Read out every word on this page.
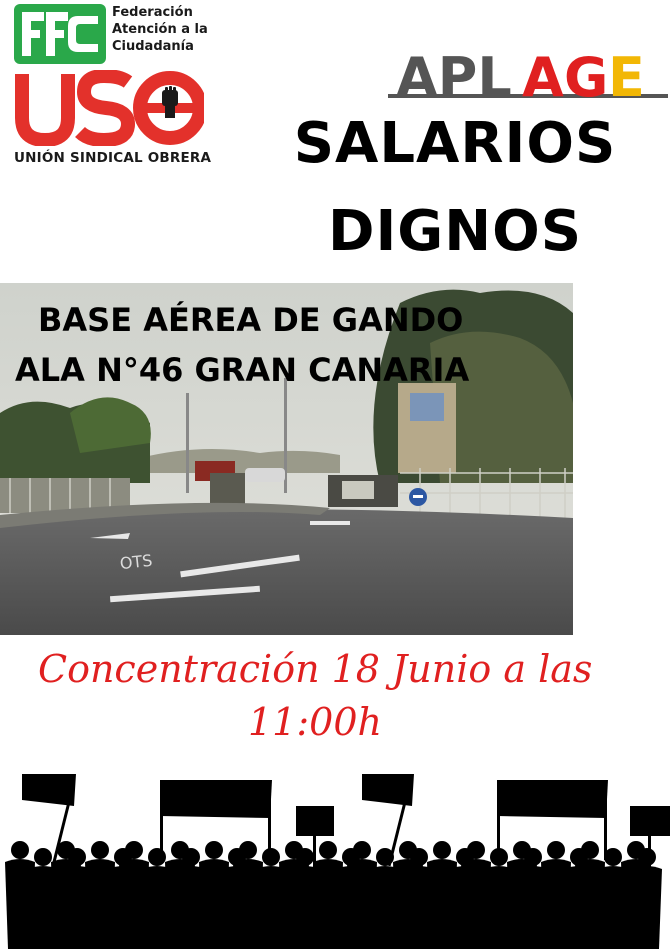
Federación
Atención a la
Ciudadanía
UNIÓN SINDICAL OBRERA
APL A G E
SALARIOS
DIGNOS
OTS
BASE AÉREA DE GANDO
ALA N°46 GRAN CANARIA
Concentración 18 Junio a las
11:00h
